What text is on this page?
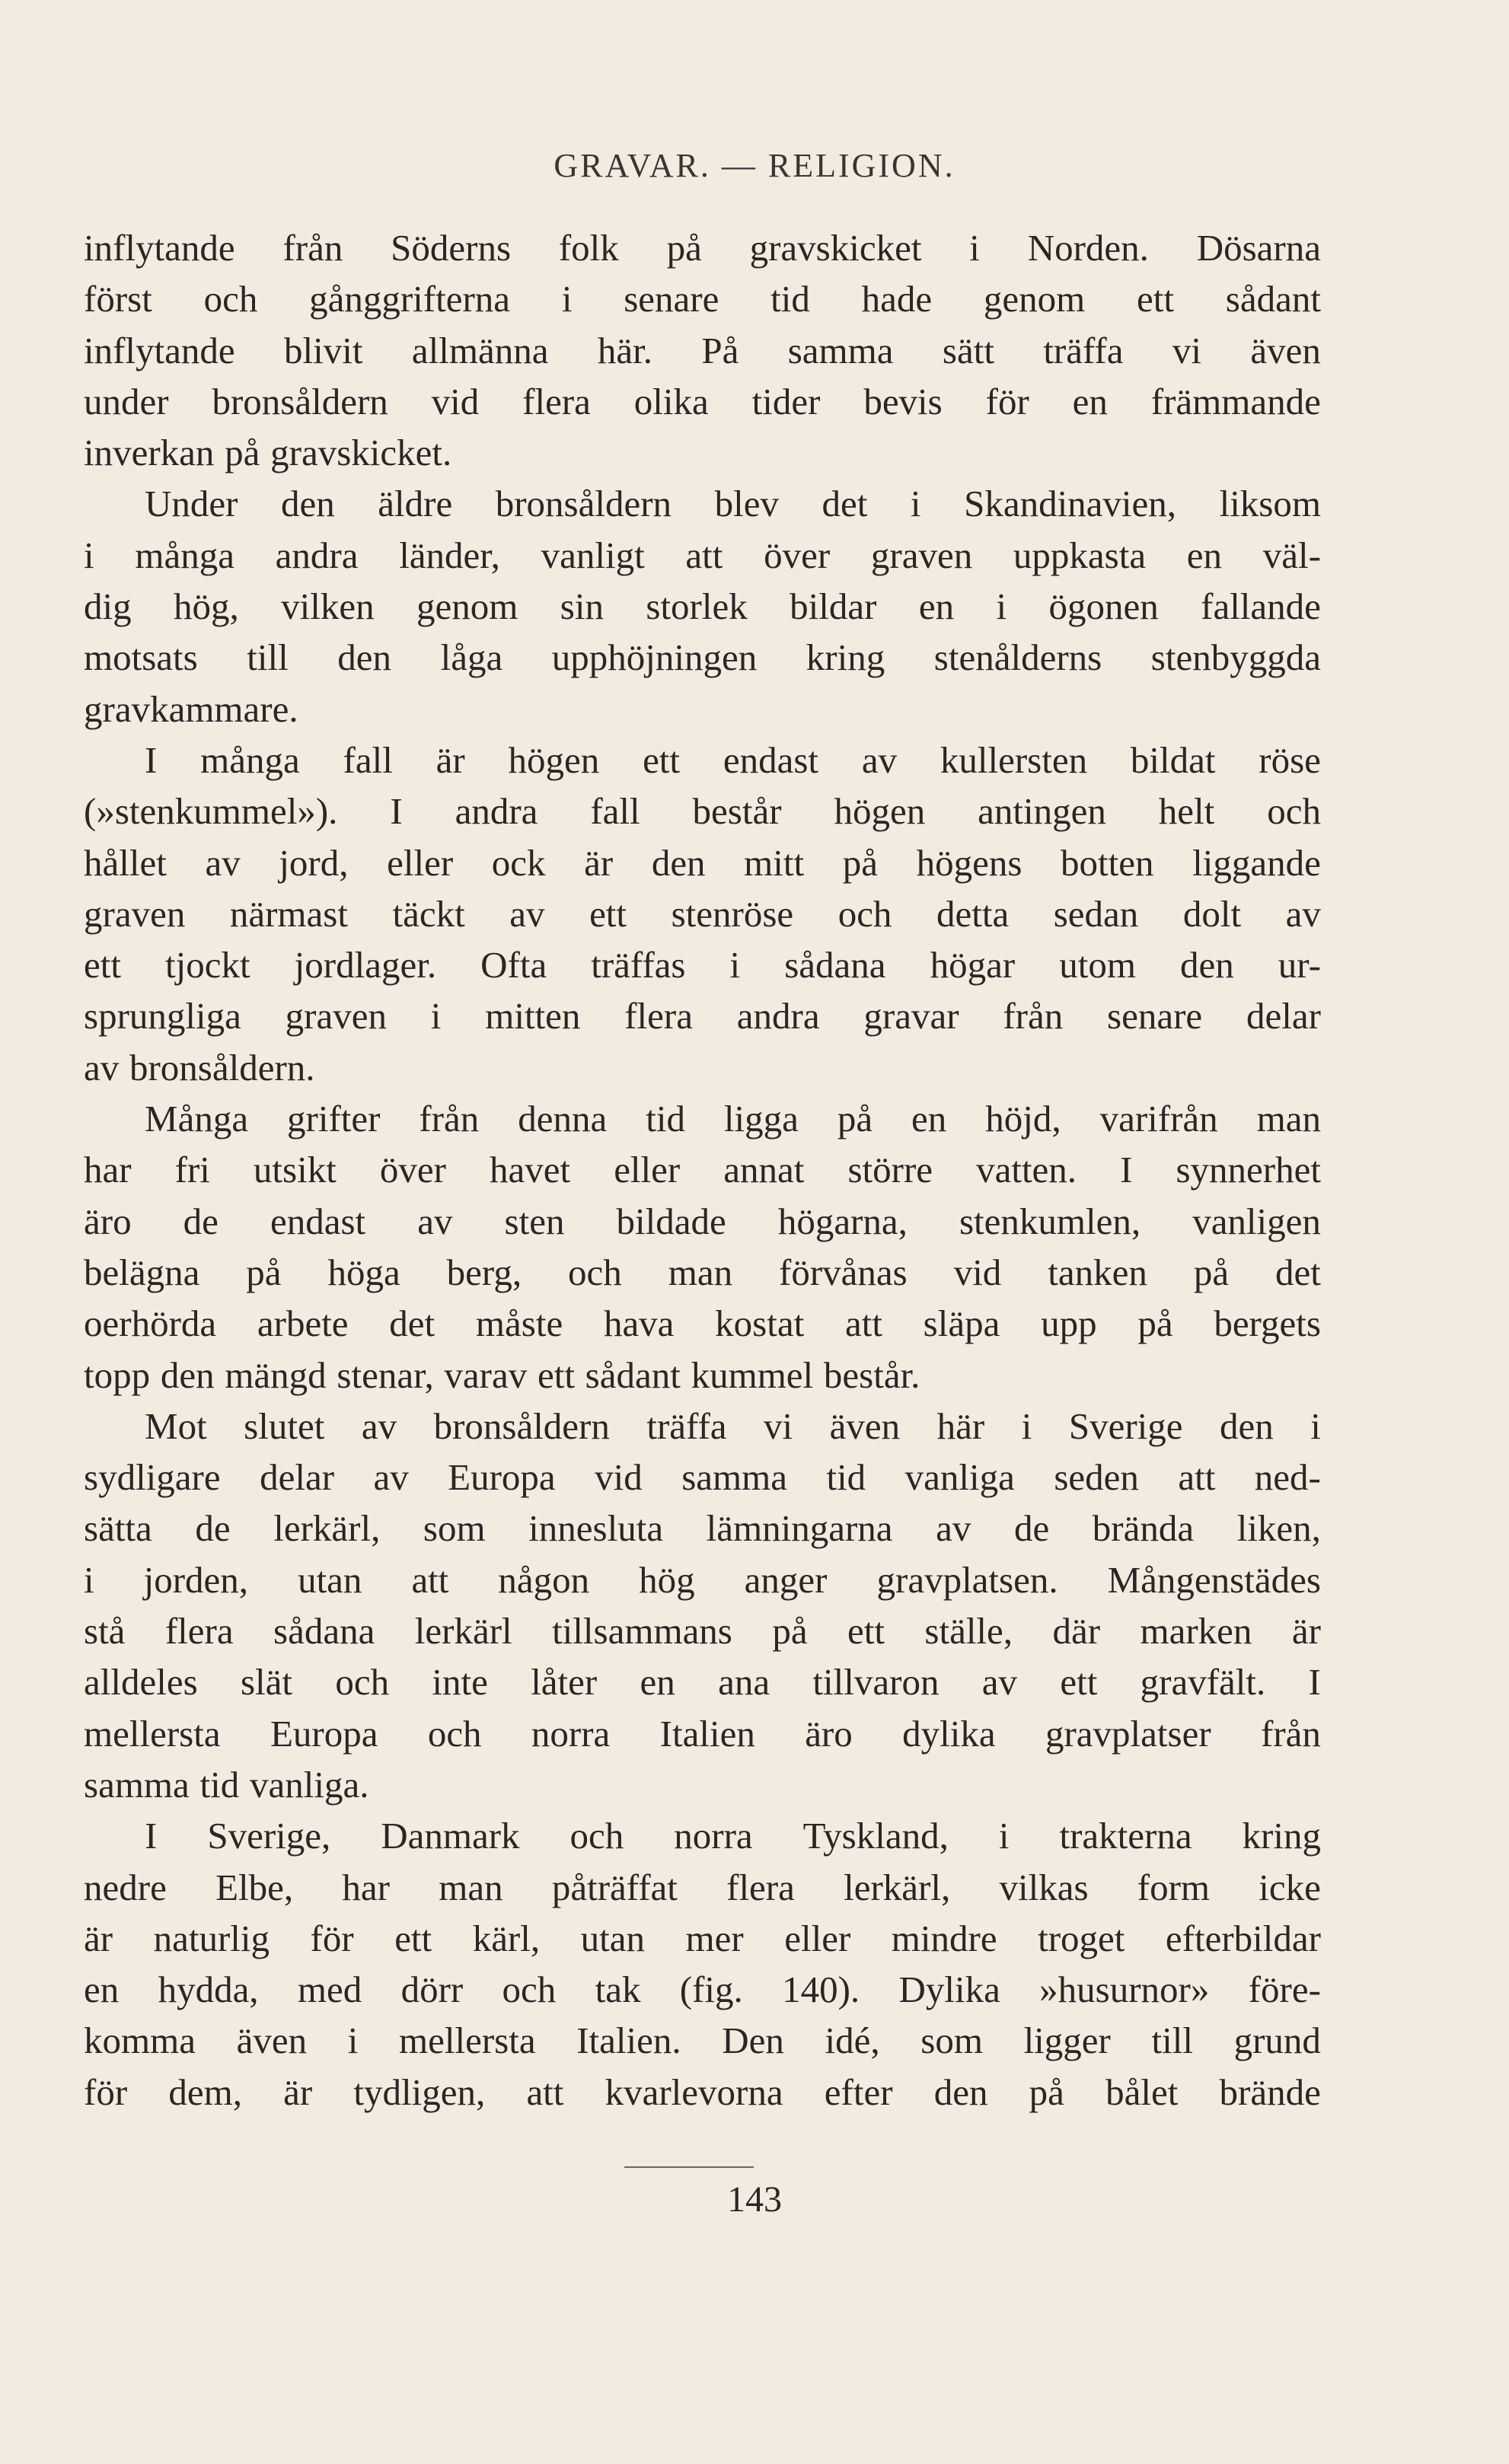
GRAVAR. — RELIGION.
inflytande från Söderns folk på gravskicket i Norden. Dösarna
först och gånggrifterna i senare tid hade genom ett sådant
inflytande blivit allmänna här. På samma sätt träffa vi även
under bronsåldern vid flera olika tider bevis för en främmande
inverkan på gravskicket.
Under den äldre bronsåldern blev det i Skandinavien, liksom
i många andra länder, vanligt att över graven uppkasta en väl-
dig hög, vilken genom sin storlek bildar en i ögonen fallande
motsats till den låga upphöjningen kring stenålderns stenbyggda
gravkammare.
I många fall är högen ett endast av kullersten bildat röse
(»stenkummel»). I andra fall består högen antingen helt och
hållet av jord, eller ock är den mitt på högens botten liggande
graven närmast täckt av ett stenröse och detta sedan dolt av
ett tjockt jordlager. Ofta träffas i sådana högar utom den ur-
sprungliga graven i mitten flera andra gravar från senare delar
av bronsåldern.
Många grifter från denna tid ligga på en höjd, varifrån man
har fri utsikt över havet eller annat större vatten. I synnerhet
äro de endast av sten bildade högarna, stenkumlen, vanligen
belägna på höga berg, och man förvånas vid tanken på det
oerhörda arbete det måste hava kostat att släpa upp på bergets
topp den mängd stenar, varav ett sådant kummel består.
Mot slutet av bronsåldern träffa vi även här i Sverige den i
sydligare delar av Europa vid samma tid vanliga seden att ned-
sätta de lerkärl, som innesluta lämningarna av de brända liken,
i jorden, utan att någon hög anger gravplatsen. Mångenstädes
stå flera sådana lerkärl tillsammans på ett ställe, där marken är
alldeles slät och inte låter en ana tillvaron av ett gravfält. I
mellersta Europa och norra Italien äro dylika gravplatser från
samma tid vanliga.
I Sverige, Danmark och norra Tyskland, i trakterna kring
nedre Elbe, har man påträffat flera lerkärl, vilkas form icke
är naturlig för ett kärl, utan mer eller mindre troget efterbildar
en hydda, med dörr och tak (fig. 140). Dylika »husurnor» före-
komma även i mellersta Italien. Den idé, som ligger till grund
för dem, är tydligen, att kvarlevorna efter den på bålet brände
143
